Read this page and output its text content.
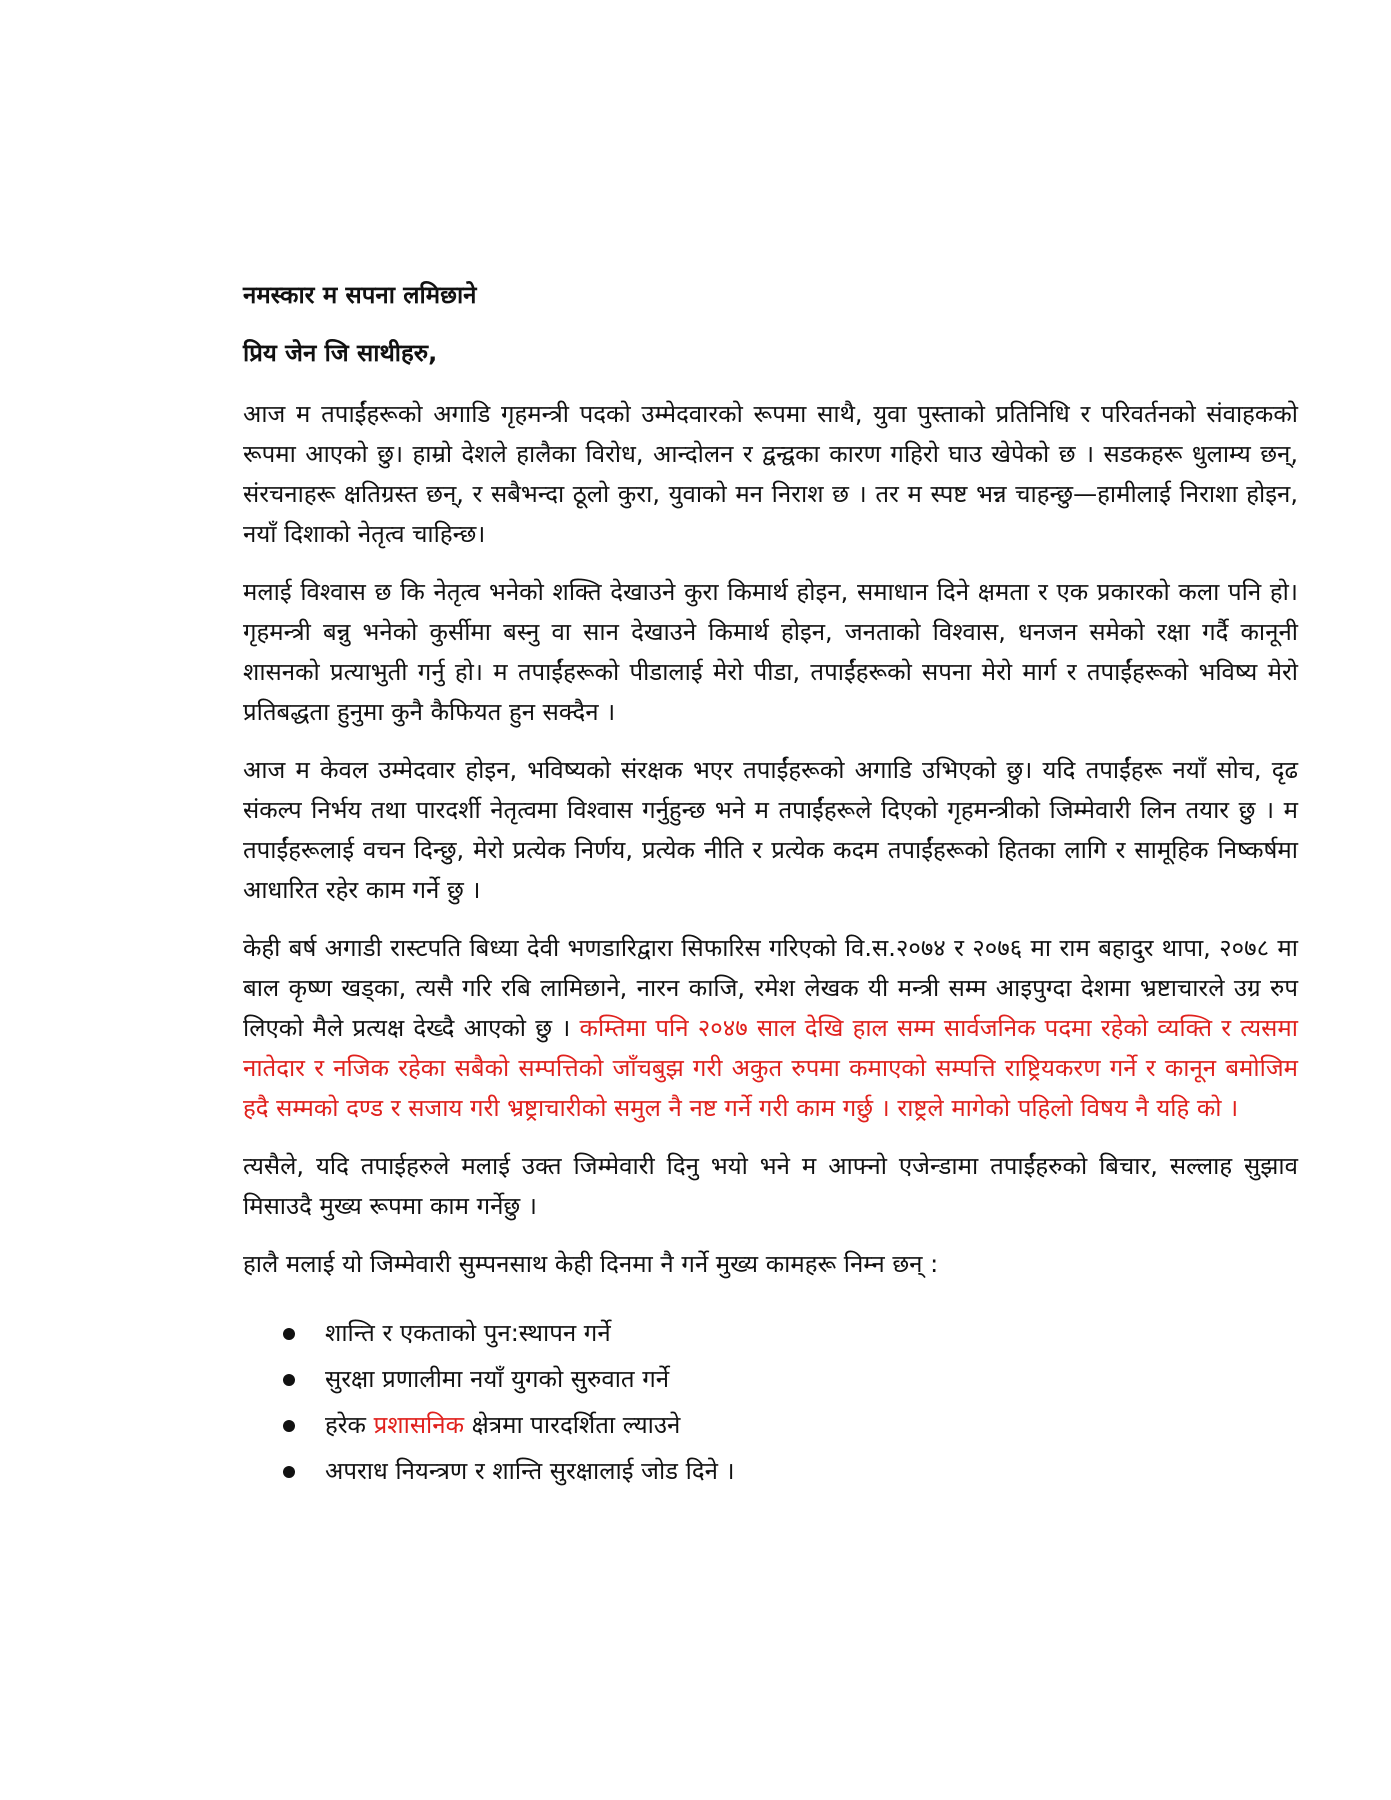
नमस्कार म सपना लमिछाने
प्रिय जेन जि साथीहरु,

आज म तपाईंहरूको अगाडि गृहमन्त्री पदको उम्मेदवारको रूपमा साथै, युवा पुस्ताको प्रतिनिधि र परिवर्तनको संवाहकको रूपमा आएको छु। हाम्रो देशले हालैका विरोध, आन्दोलन र द्वन्द्वका कारण गहिरो घाउ खेपेको छ । सडकहरू धुलाम्य छन्, संरचनाहरू क्षतिग्रस्त छन्, र सबैभन्दा ठूलो कुरा, युवाको मन निराश छ । तर म स्पष्ट भन्न चाहन्छु—हामीलाई निराशा होइन, नयाँ दिशाको नेतृत्व चाहिन्छ।

मलाई विश्वास छ कि नेतृत्व भनेको शक्ति देखाउने कुरा किमार्थ होइन, समाधान दिने क्षमता र एक प्रकारको कला पनि हो। गृहमन्त्री बन्नु भनेको कुर्सीमा बस्नु वा सान देखाउने किमार्थ होइन, जनताको विश्वास, धनजन समेको रक्षा गर्दै कानूनी शासनको प्रत्याभुती गर्नु हो। म तपाईंहरूको पीडालाई मेरो पीडा, तपाईंहरूको सपना मेरो मार्ग र तपाईंहरूको भविष्य मेरो प्रतिबद्धता हुनुमा कुनै कैफियत हुन सक्दैन ।

आज म केवल उम्मेदवार होइन, भविष्यको संरक्षक भएर तपाईंहरूको अगाडि उभिएको छु। यदि तपाईंहरू नयाँ सोच, दृढ संकल्प निर्भय तथा पारदर्शी नेतृत्वमा विश्वास गर्नुहुन्छ भने म तपाईंहरूले दिएको गृहमन्त्रीको जिम्मेवारी लिन तयार छु । म तपाईंहरूलाई वचन दिन्छु, मेरो प्रत्येक निर्णय, प्रत्येक नीति र प्रत्येक कदम तपाईंहरूको हितका लागि र सामूहिक निष्कर्षमा आधारित रहेर काम गर्ने छु ।

केही बर्ष अगाडी रास्टपति बिध्या देवी भणडारिद्वारा सिफारिस गरिएको वि.स.२०७४ र २०७६ मा राम बहादुर थापा, २०७८ मा बाल कृष्ण खड्का, त्यसै गरि रबि लामिछाने, नारन काजि, रमेश लेखक यी मन्त्री सम्म आइपुग्दा देशमा भ्रष्टाचारले उग्र रुप लिएको मैले प्रत्यक्ष देख्दै आएको छु । कम्तिमा पनि २०४७ साल देखि हाल सम्म सार्वजनिक पदमा रहेको व्यक्ति र त्यसमा नातेदार र नजिक रहेका सबैको सम्पत्तिको जाँचबुझ गरी अकुत रुपमा कमाएको सम्पत्ति राष्ट्रियकरण गर्ने र कानून बमोजिम हदै सम्मको दण्ड र सजाय गरी भ्रष्ट्राचारीको समुल नै नष्ट गर्ने गरी काम गर्छु । राष्ट्रले मागेको पहिलो विषय नै यहि को ।

त्यसैले, यदि तपाईहरुले मलाई उक्त जिम्मेवारी दिनु भयो भने म आफ्नो एजेन्डामा तपाईंहरुको बिचार, सल्लाह सुझाव मिसाउदै मुख्य रूपमा काम गर्नेछु ।

हालै मलाई यो जिम्मेवारी सुम्पनसाथ केही दिनमा नै गर्ने मुख्य कामहरू निम्न छन् :

शान्ति र एकताको पुन:स्थापन गर्ने
सुरक्षा प्रणालीमा नयाँ युगको सुरुवात गर्ने
हरेक प्रशासनिक क्षेत्रमा पारदर्शिता ल्याउने
अपराध नियन्त्रण र शान्ति सुरक्षालाई जोड दिने ।
